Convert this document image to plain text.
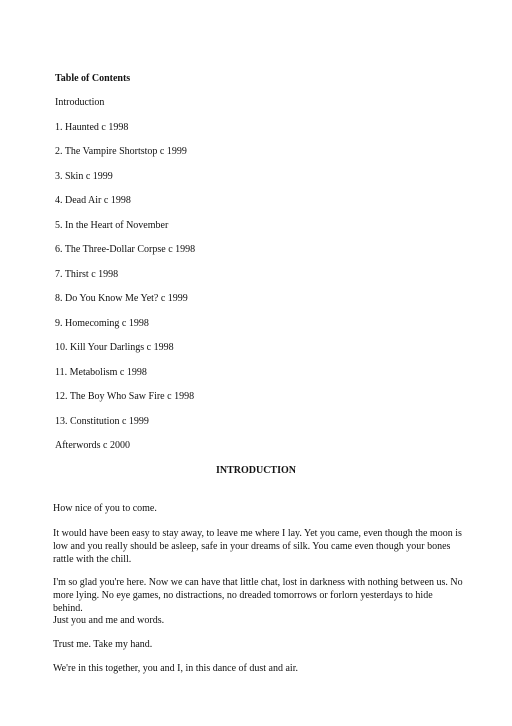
Table of Contents
Introduction
1. Haunted c 1998
2. The Vampire Shortstop c 1999
3. Skin c 1999
4. Dead Air c 1998
5. In the Heart of November
6. The Three-Dollar Corpse c 1998
7. Thirst c 1998
8. Do You Know Me Yet? c 1999
9. Homecoming c 1998
10. Kill Your Darlings c 1998
11. Metabolism c 1998
12. The Boy Who Saw Fire c 1998
13. Constitution c 1999
Afterwords c 2000
INTRODUCTION

How nice of you to come.

It would have been easy to stay away, to leave me where I lay. Yet you came, even though the moon is low and you really should be asleep, safe in your dreams of silk. You came even though your bones rattle with the chill.

I'm so glad you're here. Now we can have that little chat, lost in darkness with nothing between us. No more lying. No eye games, no distractions, no dreaded tomorrows or forlorn yesterdays to hide behind.

Just you and me and words.

Trust me. Take my hand.

We're in this together, you and I, in this dance of dust and air.
